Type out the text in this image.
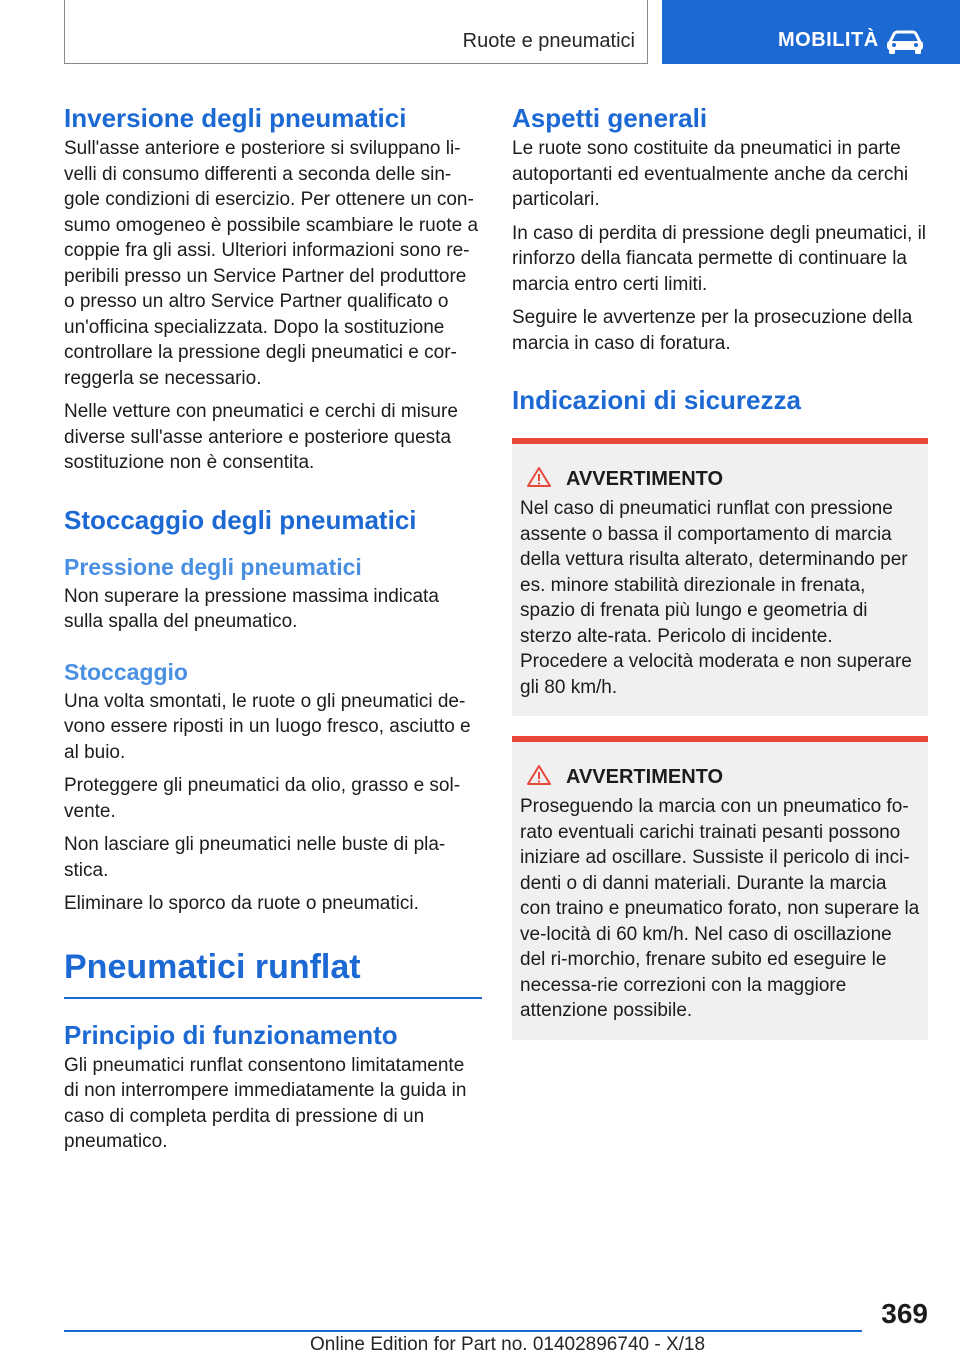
Ruote e pneumatici	MOBILITÀ
Inversione degli pneumatici

Sull'asse anteriore e posteriore si sviluppano li-velli di consumo differenti a seconda delle sin-gole condizioni di esercizio. Per ottenere un con-sumo omogeneo è possibile scambiare le ruote a coppie fra gli assi. Ulteriori informazioni sono re-peribili presso un Service Partner del produttore o presso un altro Service Partner qualificato o un'officina specializzata. Dopo la sostituzione controllare la pressione degli pneumatici e cor-reggerla se necessario.

Nelle vetture con pneumatici e cerchi di misure diverse sull'asse anteriore e posteriore questa sostituzione non è consentita.

Stoccaggio degli pneumatici
Pressione degli pneumatici

Non superare la pressione massima indicata sulla spalla del pneumatico.

Stoccaggio

Una volta smontati, le ruote o gli pneumatici de-vono essere riposti in un luogo fresco, asciutto e al buio.

Proteggere gli pneumatici da olio, grasso e sol-vente.

Non lasciare gli pneumatici nelle buste di pla-stica.

Eliminare lo sporco da ruote o pneumatici.

Pneumatici runflat
Principio di funzionamento

Gli pneumatici runflat consentono limitatamente di non interrompere immediatamente la guida in caso di completa perdita di pressione di un pneumatico.

Aspetti generali

Le ruote sono costituite da pneumatici in parte autoportanti ed eventualmente anche da cerchi particolari.

In caso di perdita di pressione degli pneumatici, il rinforzo della fiancata permette di continuare la marcia entro certi limiti.

Seguire le avvertenze per la prosecuzione della marcia in caso di foratura.

Indicazioni di sicurezza
AVVERTIMENTO

Nel caso di pneumatici runflat con pressione assente o bassa il comportamento di marcia della vettura risulta alterato, determinando per es. minore stabilità direzionale in frenata, spazio di frenata più lungo e geometria di sterzo alte-rata. Pericolo di incidente. Procedere a velocità moderata e non superare gli 80 km/h.

AVVERTIMENTO

Proseguendo la marcia con un pneumatico fo-rato eventuali carichi trainati pesanti possono iniziare ad oscillare. Sussiste il pericolo di inci-denti o di danni materiali. Durante la marcia con traino e pneumatico forato, non superare la ve-locità di 60 km/h. Nel caso di oscillazione del ri-morchio, frenare subito ed eseguire le necessa-rie correzioni con la maggiore attenzione possibile.

369
Online Edition for Part no. 01402896740 - X/18
